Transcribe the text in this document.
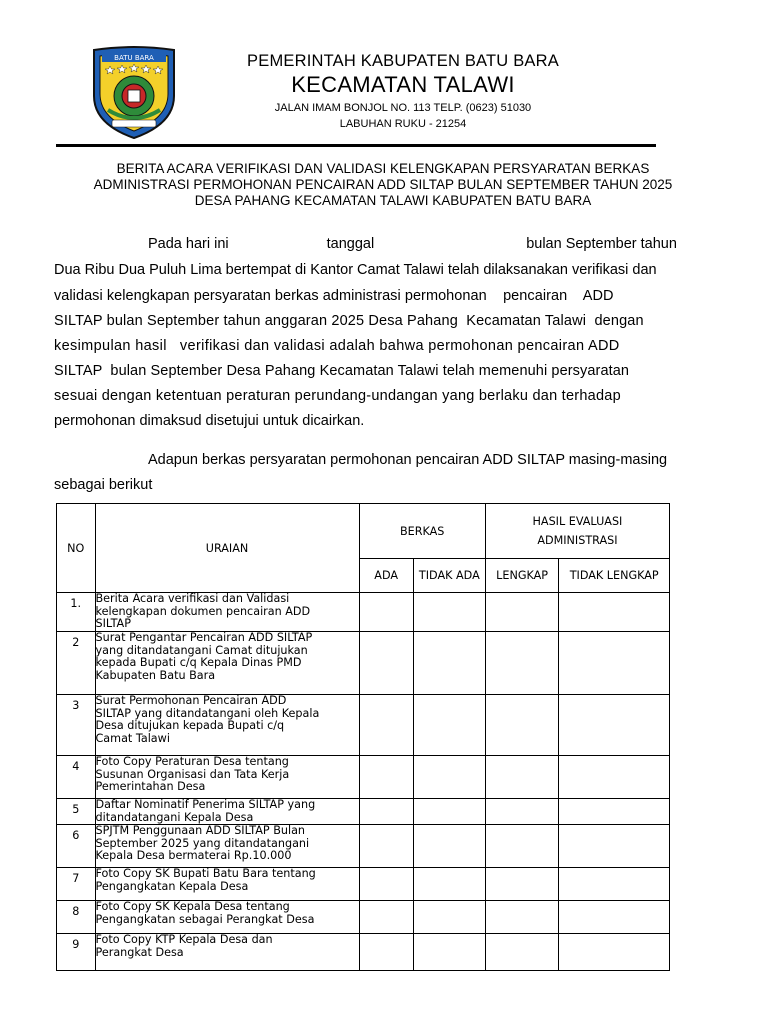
BATU BARA	PEMERINTAH KABUPATEN BATU BARA
KECAMATAN TALAWI
JALAN IMAM BONJOL NO. 113 TELP. (0623) 51030
LABUHAN RUKU - 21254
BERITA ACARA VERIFIKASI DAN VALIDASI KELENGKAPAN PERSYARATAN BERKAS
ADMINISTRASI PERMOHONAN PENCAIRAN ADD SILTAP BULAN SEPTEMBER TAHUN 2025
DESA PAHANG KECAMATAN TALAWI KABUPATEN BATU BARA
Pada hari ini	tanggal	bulan September tahun
Dua Ribu Dua Puluh Lima bertempat di Kantor Camat Talawi telah dilaksanakan verifikasi dan
validasi kelengkapan persyaratan berkas administrasi permohonan    pencairan    ADD
SILTAP bulan September tahun anggaran 2025 Desa Pahang  Kecamatan Talawi  dengan
kesimpulan hasil   verifikasi dan validasi adalah bahwa permohonan pencairan ADD
SILTAP  bulan September Desa Pahang Kecamatan Talawi telah memenuhi persyaratan
sesuai dengan ketentuan peraturan perundang-undangan yang berlaku dan terhadap
permohonan dimaksud disetujui untuk dicairkan.
Adapun berkas persyaratan permohonan pencairan ADD SILTAP masing-masing
sebagai berikut
NO	URAIAN	BERKAS		HASIL EVALUASI
ADMINISTRASI	

		ADA	TIDAK ADA	LENGKAP	TIDAK LENGKAP
1.	Berita Acara verifikasi dan Validasi
kelengkapan dokumen pencairan ADD
SILTAP				

2	Surat Pengantar Pencairan ADD SILTAP
yang ditandatangani Camat ditujukan
kepada Bupati c/q Kepala Dinas PMD
Kabupaten Batu Bara				

3	Surat Permohonan Pencairan ADD
SILTAP yang ditandatangani oleh Kepala
Desa ditujukan kepada Bupati c/q
Camat Talawi				

4	Foto Copy Peraturan Desa tentang
Susunan Organisasi dan Tata Kerja
Pemerintahan Desa				

5	Daftar Nominatif Penerima SILTAP yang
ditandatangani Kepala Desa				

6	SPJTM Penggunaan ADD SILTAP Bulan
September 2025 yang ditandatangani
Kepala Desa bermaterai Rp.10.000				

7	Foto Copy SK Bupati Batu Bara tentang
Pengangkatan Kepala Desa				

8	Foto Copy SK Kepala Desa tentang
Pengangkatan sebagai Perangkat Desa				

9	Foto Copy KTP Kepala Desa dan
Perangkat Desa				
